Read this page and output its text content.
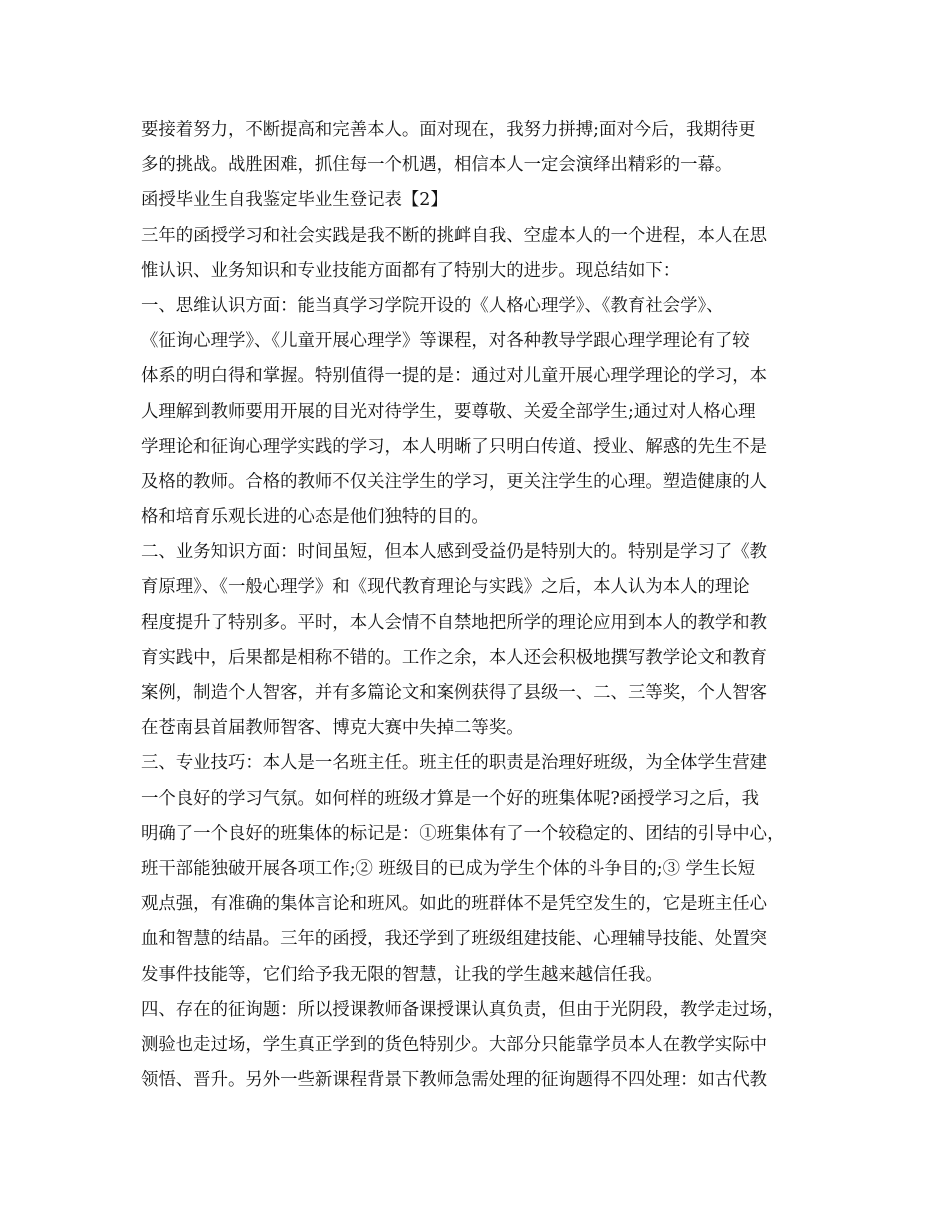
要接着努力，不断提高和完善本人。面对现在，我努力拼搏;面对今后，我期待更
多的挑战。战胜困难，抓住每一个机遇，相信本人一定会演绎出精彩的一幕。
函授毕业生自我鉴定毕业生登记表【2】
三年的函授学习和社会实践是我不断的挑衅自我、空虚本人的一个进程，本人在思
惟认识、业务知识和专业技能方面都有了特别大的进步。现总结如下：
一、思维认识方面：能当真学习学院开设的《人格心理学》、《教育社会学》、
《征询心理学》、《儿童开展心理学》等课程，对各种教导学跟心理学理论有了较
体系的明白得和掌握。特别值得一提的是：通过对儿童开展心理学理论的学习，本
人理解到教师要用开展的目光对待学生，要尊敬、关爱全部学生;通过对人格心理
学理论和征询心理学实践的学习，本人明晰了只明白传道、授业、解惑的先生不是
及格的教师。合格的教师不仅关注学生的学习，更关注学生的心理。塑造健康的人
格和培育乐观长进的心态是他们独特的目的。
二、业务知识方面：时间虽短，但本人感到受益仍是特别大的。特别是学习了《教
育原理》、《一般心理学》和《现代教育理论与实践》之后，本人认为本人的理论
程度提升了特别多。平时，本人会情不自禁地把所学的理论应用到本人的教学和教
育实践中，后果都是相称不错的。工作之余，本人还会积极地撰写教学论文和教育
案例，制造个人智客，并有多篇论文和案例获得了县级一、二、三等奖，个人智客
在苍南县首届教师智客、博克大赛中失掉二等奖。
三、专业技巧：本人是一名班主任。班主任的职责是治理好班级，为全体学生营建
一个良好的学习气氛。如何样的班级才算是一个好的班集体呢?函授学习之后，我
明确了一个良好的班集体的标记是：①班集体有了一个较稳定的、团结的引导中心，
班干部能独破开展各项工作;② 班级目的已成为学生个体的斗争目的;③ 学生长短
观点强，有准确的集体言论和班风。如此的班群体不是凭空发生的，它是班主任心
血和智慧的结晶。三年的函授，我还学到了班级组建技能、心理辅导技能、处置突
发事件技能等，它们给予我无限的智慧，让我的学生越来越信任我。
四、存在的征询题：所以授课教师备课授课认真负责，但由于光阴段，教学走过场，
测验也走过场，学生真正学到的货色特别少。大部分只能靠学员本人在教学实际中
领悟、晋升。另外一些新课程背景下教师急需处理的征询题得不四处理：如古代教
